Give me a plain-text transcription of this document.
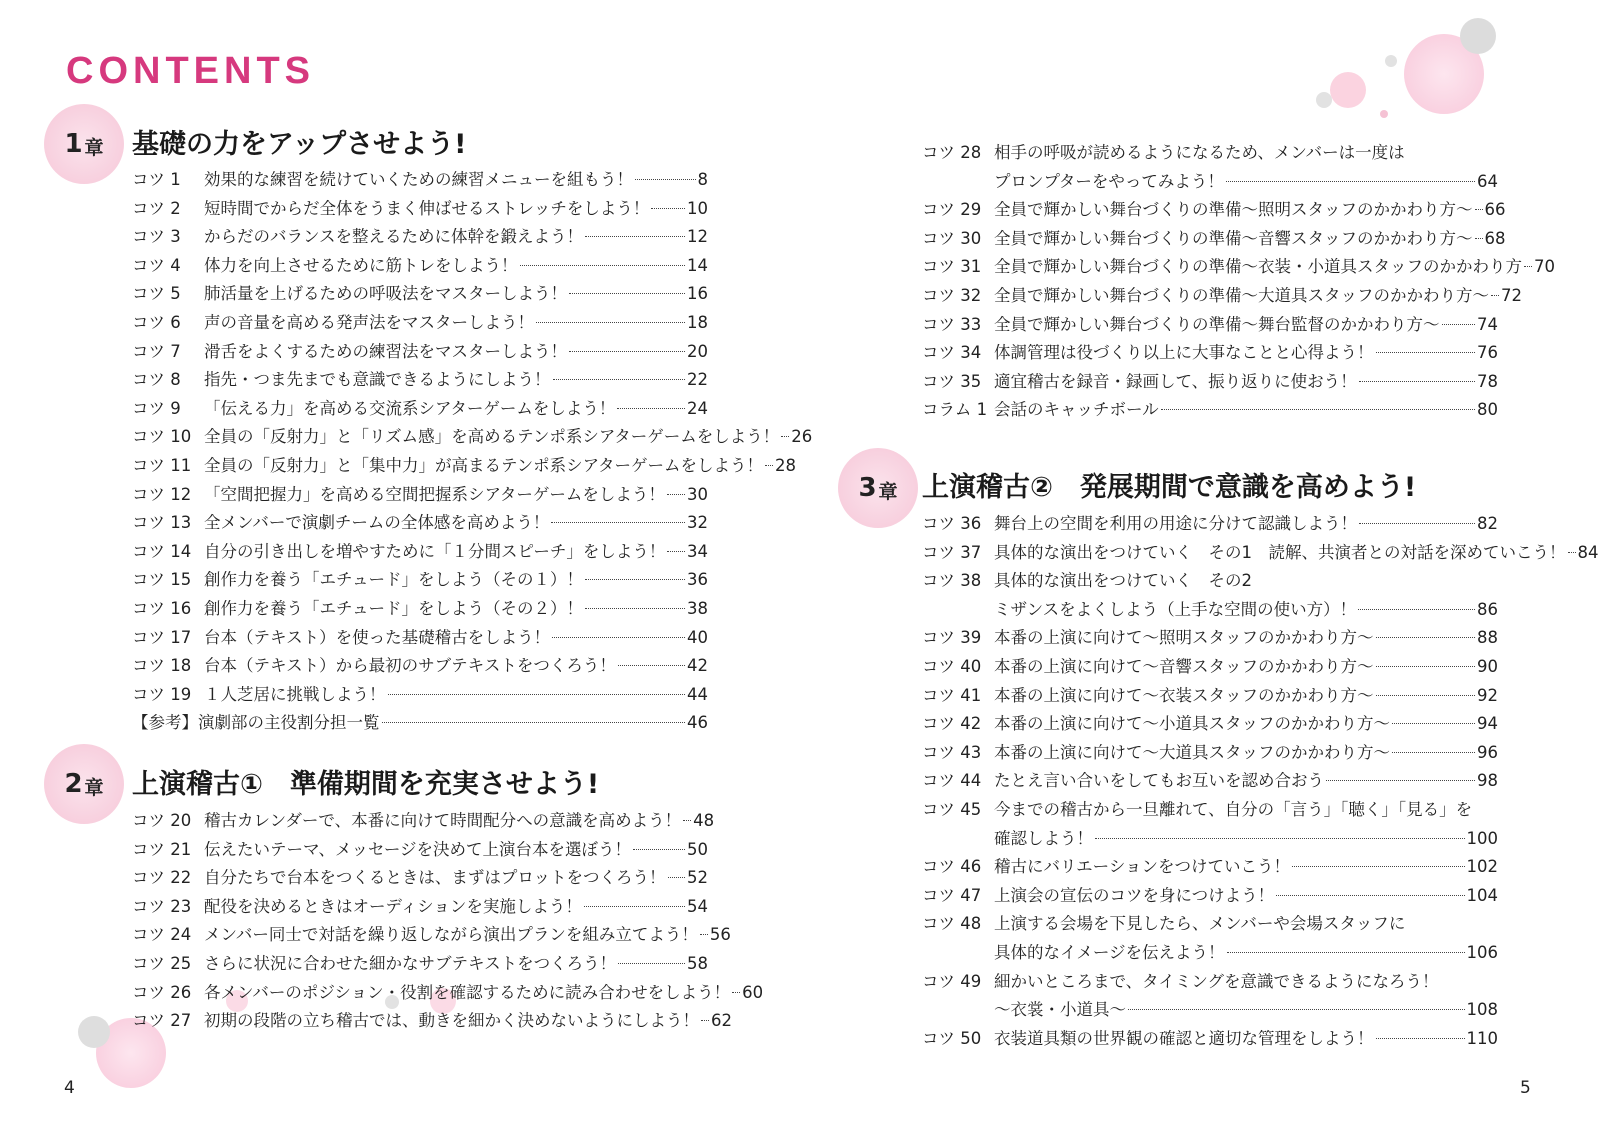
CONTENTS
1 章 基礎の力をアップさせよう!
コツ 1	効果的な練習を続けていくための練習メニューを組もう！	8
コツ 2	短時間でからだ全体をうまく伸ばせるストレッチをしよう！ 10
コツ 3	からだのバランスを整えるために体幹を鍛えよう！	12
コツ 4	体力を向上させるために筋トレをしよう！	14
コツ 5	肺活量を上げるための呼吸法をマスターしよう！	16
コツ 6	声の音量を高める発声法をマスターしよう！	18
コツ 7	滑舌をよくするための練習法をマスターしよう！	20
コツ 8	指先・つま先までも意識できるようにしよう！	22
コツ 9	「伝える力」を高める交流系シアターゲームをしよう！	24
コツ 10 全員の「反射力」と「リズム感」を高めるテンポ系シアターゲームをしよう！ 26
コツ 11 全員の「反射力」と「集中力」が高まるテンポ系シアターゲームをしよう！ 28
コツ 12 「空間把握力」を高める空間把握系シアターゲームをしよう！ 30
コツ 13 全メンバーで演劇チームの全体感を高めよう！	32
コツ 14 自分の引き出しを増やすために「１分間スピーチ」をしよう！ 34
コツ 15 創作力を養う「エチュード」をしよう（その１）！	36
コツ 16 創作力を養う「エチュード」をしよう（その２）！	38
コツ 17 台本（テキスト）を使った基礎稽古をしよう！	40
コツ 18 台本（テキスト）から最初のサブテキストをつくろう！	42
コツ 19 １人芝居に挑戦しよう！	44
【参考】 演劇部の主役割分担一覧	46
2 章 上演稽古①　準備期間を充実させよう!
コツ 20 稽古カレンダーで、本番に向けて時間配分への意識を高めよう！ 48
コツ 21 伝えたいテーマ、メッセージを決めて上演台本を選ぼう！	50
コツ 22 自分たちで台本をつくるときは、まずはプロットをつくろう！ 52
コツ 23 配役を決めるときはオーディションを実施しよう！	54
コツ 24 メンバー同士で対話を繰り返しながら演出プランを組み立てよう！ 56
コツ 25 さらに状況に合わせた細かなサブテキストをつくろう！	58
コツ 26 各メンバーのポジション・役割を確認するために読み合わせをしよう！ 60
コツ 27 初期の段階の立ち稽古では、動きを細かく決めないようにしよう！ 62
コツ 28 相手の呼吸が読めるようになるため、メンバーは一度は
プロンプターをやってみよう！	64
コツ 29 全員で輝かしい舞台づくりの準備〜照明スタッフのかかわり方〜 66
コツ 30 全員で輝かしい舞台づくりの準備〜音響スタッフのかかわり方〜 68
コツ 31 全員で輝かしい舞台づくりの準備〜衣装・小道具スタッフのかかわり方 70
コツ 32 全員で輝かしい舞台づくりの準備〜大道具スタッフのかかわり方〜 72
コツ 33 全員で輝かしい舞台づくりの準備〜舞台監督のかかわり方〜 74
コツ 34 体調管理は役づくり以上に大事なことと心得よう！	76
コツ 35 適宜稽古を録音・録画して、振り返りに使おう！	78
コラム 1 会話のキャッチボール	80
3 章 上演稽古②　発展期間で意識を高めよう!
コツ 36 舞台上の空間を利用の用途に分けて認識しよう！	82
コツ 37 具体的な演出をつけていく　その1　読解、共演者との対話を深めていこう！ 84
コツ 38 具体的な演出をつけていく　その2
ミザンスをよくしよう（上手な空間の使い方）！	86
コツ 39 本番の上演に向けて〜照明スタッフのかかわり方〜	88
コツ 40 本番の上演に向けて〜音響スタッフのかかわり方〜	90
コツ 41 本番の上演に向けて〜衣装スタッフのかかわり方〜	92
コツ 42 本番の上演に向けて〜小道具スタッフのかかわり方〜	94
コツ 43 本番の上演に向けて〜大道具スタッフのかかわり方〜	96
コツ 44 たとえ言い合いをしてもお互いを認め合おう	98
コツ 45 今までの稽古から一旦離れて、自分の「言う」「聴く」「見る」を
確認しよう！	100
コツ 46 稽古にバリエーションをつけていこう！	102
コツ 47 上演会の宣伝のコツを身につけよう！	104
コツ 48 上演する会場を下見したら、メンバーや会場スタッフに
具体的なイメージを伝えよう！	106
コツ 49 細かいところまで、タイミングを意識できるようになろう！
〜衣裳・小道具〜	108
コツ 50 衣装道具類の世界観の確認と適切な管理をしよう！	110
4	5
